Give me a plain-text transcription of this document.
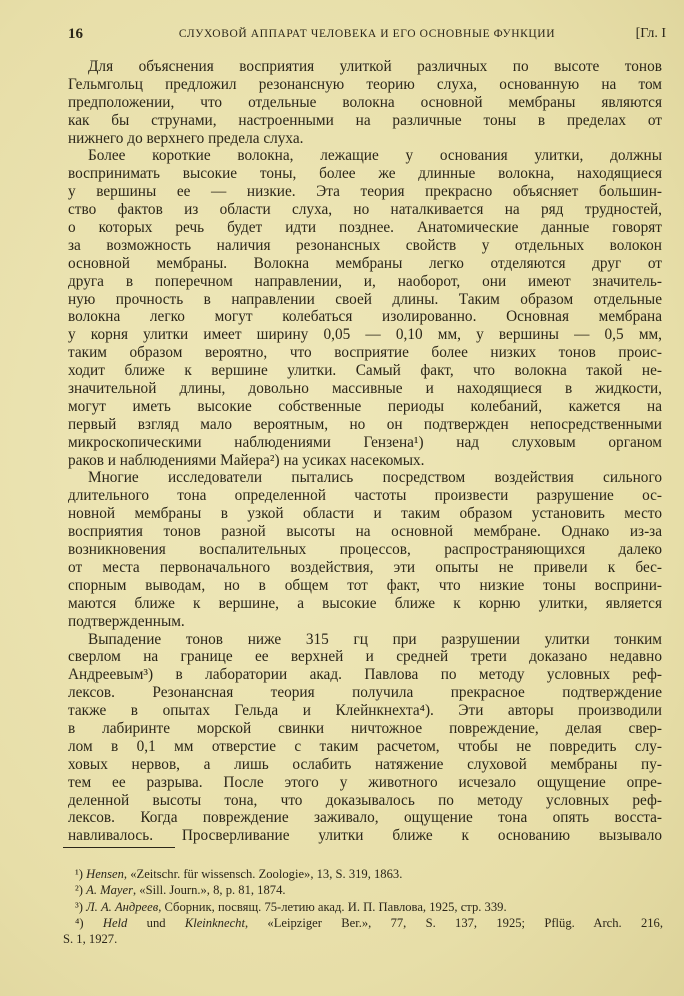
16	СЛУХОВОЙ АППАРАТ ЧЕЛОВЕКА И ЕГО ОСНОВНЫЕ ФУНКЦИИ	[Гл. I
Для объяснения восприятия улиткой различных по высоте тонов
Гельмгольц предложил резонансную теорию слуха, основанную на том
предположении, что отдельные волокна основной мембраны являются
как бы струнами, настроенными на различные тоны в пределах от
нижнего до верхнего предела слуха.
Более короткие волокна, лежащие у основания улитки, должны
воспринимать высокие тоны, более же длинные волокна, находящиеся
у вершины ее — низкие. Эта теория прекрасно объясняет большин-
ство фактов из области слуха, но наталкивается на ряд трудностей,
о которых речь будет идти позднее. Анатомические данные говорят
за возможность наличия резонансных свойств у отдельных волокон
основной мембраны. Волокна мембраны легко отделяются друг от
друга в поперечном направлении, и, наоборот, они имеют значитель-
ную прочность в направлении своей длины. Таким образом отдельные
волокна легко могут колебаться изолированно. Основная мембрана
у корня улитки имеет ширину 0,05 — 0,10 мм, у вершины — 0,5 мм,
таким образом вероятно, что восприятие более низких тонов проис-
ходит ближе к вершине улитки. Самый факт, что волокна такой не-
значительной длины, довольно массивные и находящиеся в жидкости,
могут иметь высокие собственные периоды колебаний, кажется на
первый взгляд мало вероятным, но он подтвержден непосредственными
микроскопическими наблюдениями Гензена¹) над слуховым органом
раков и наблюдениями Майера²) на усиках насекомых.
Многие исследователи пытались посредством воздействия сильного
длительного тона определенной частоты произвести разрушение ос-
новной мембраны в узкой области и таким образом установить место
восприятия тонов разной высоты на основной мембране. Однако из-за
возникновения воспалительных процессов, распространяющихся далеко
от места первоначального воздействия, эти опыты не привели к бес-
спорным выводам, но в общем тот факт, что низкие тоны восприни-
маются ближе к вершине, а высокие ближе к корню улитки, является
подтвержденным.
Выпадение тонов ниже 315 гц при разрушении улитки тонким
сверлом на границе ее верхней и средней трети доказано недавно
Андреевым³) в лаборатории акад. Павлова по методу условных реф-
лексов. Резонансная теория получила прекрасное подтверждение
также в опытах Гельда и Клейнкнехта⁴). Эти авторы производили
в лабиринте морской свинки ничтожное повреждение, делая свер-
лом в 0,1 мм отверстие с таким расчетом, чтобы не повредить слу-
ховых нервов, а лишь ослабить натяжение слуховой мембраны пу-
тем ее разрыва. После этого у животного исчезало ощущение опре-
деленной высоты тона, что доказывалось по методу условных реф-
лексов. Когда повреждение заживало, ощущение тона опять восста-
навливалось. Просверливание улитки ближе к основанию вызывало
¹) Hensen, «Zeitschr. für wissensch. Zoologie», 13, S. 319, 1863.
²) A. Mayer, «Sill. Journ.», 8, p. 81, 1874.
³) Л. А. Андреев, Сборник, посвящ. 75-летию акад. И. П. Павлова, 1925, стр. 339.
⁴) Held und Kleinknecht, «Leipziger Ber.», 77, S. 137, 1925; Pflüg. Arch. 216,
S. 1, 1927.
